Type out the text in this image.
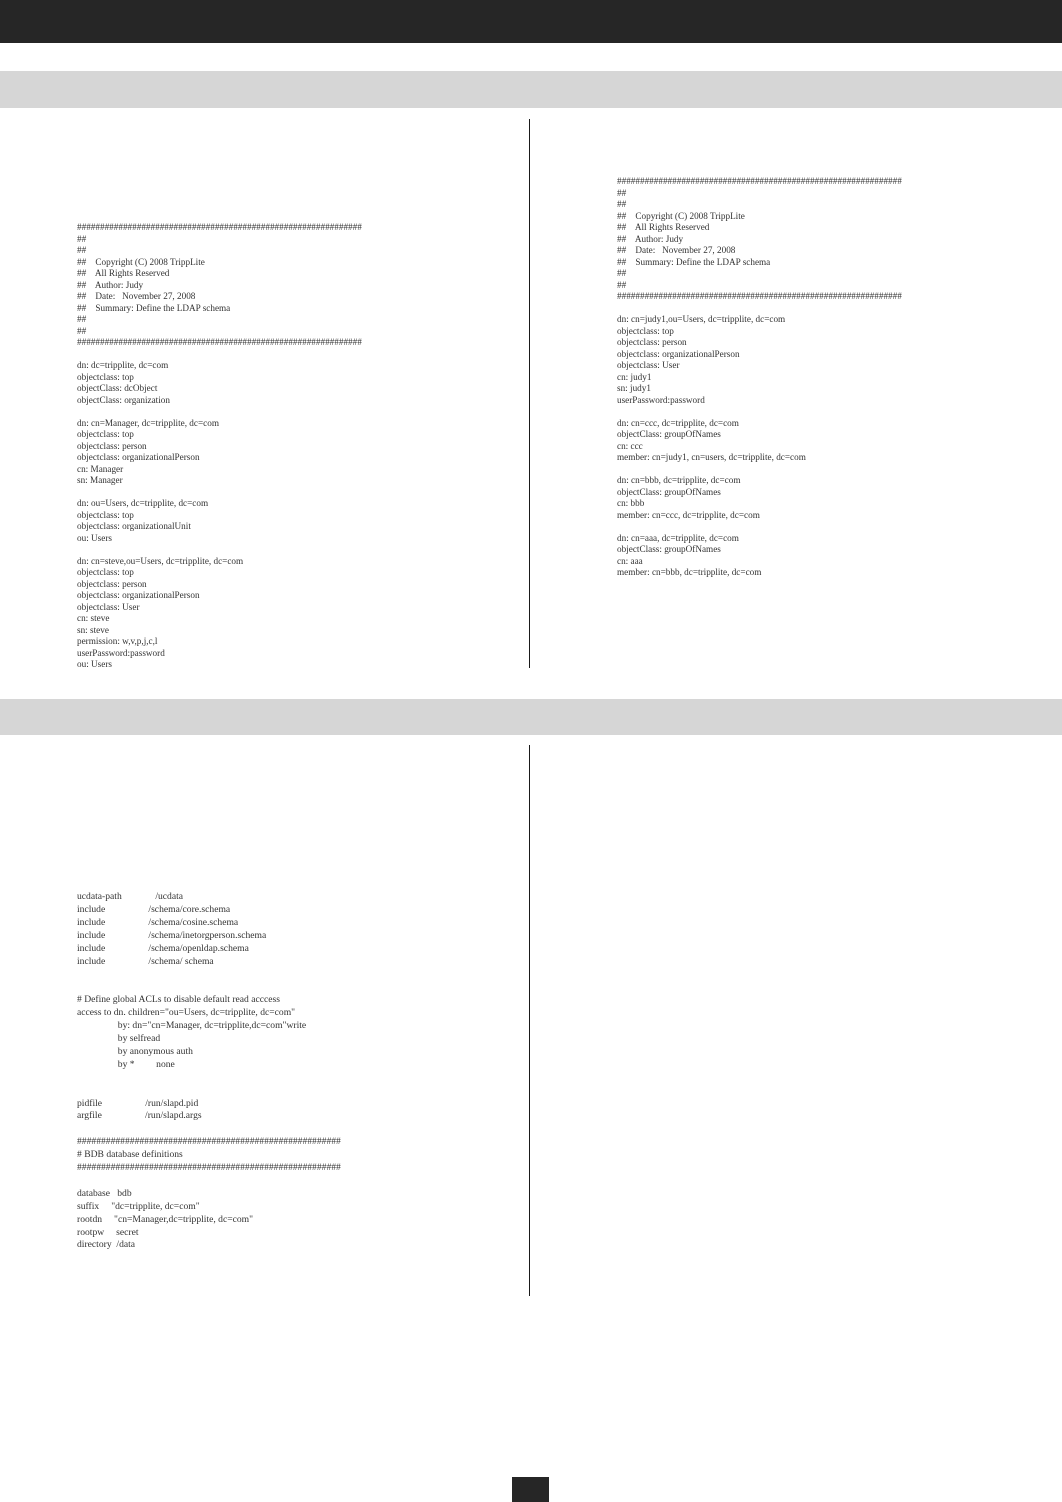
##############################################################
##
##
##    Copyright (C) 2008 TrippLite
##    All Rights Reserved
##    Author: Judy
##    Date:   November 27, 2008
##    Summary: Define the LDAP schema
##
##
##############################################################

dn: dc=tripplite, dc=com
objectclass: top
objectClass: dcObject
objectClass: organization

dn: cn=Manager, dc=tripplite, dc=com
objectclass: top
objectclass: person
objectclass: organizationalPerson
cn: Manager
sn: Manager

dn: ou=Users, dc=tripplite, dc=com
objectclass: top
objectclass: organizationalUnit
ou: Users

dn: cn=steve,ou=Users, dc=tripplite, dc=com
objectclass: top
objectclass: person
objectclass: organizationalPerson
objectclass: User
cn: steve
sn: steve
permission: w,v,p,j,c,l
userPassword:password
ou: Users
##############################################################
##
##
##    Copyright (C) 2008 TrippLite
##    All Rights Reserved
##    Author: Judy
##    Date:   November 27, 2008
##    Summary: Define the LDAP schema
##
##
##############################################################

dn: cn=judy1,ou=Users, dc=tripplite, dc=com
objectclass: top
objectclass: person
objectclass: organizationalPerson
objectclass: User
cn: judy1
sn: judy1
userPassword:password

dn: cn=ccc, dc=tripplite, dc=com
objectClass: groupOfNames
cn: ccc
member: cn=judy1, cn=users, dc=tripplite, dc=com

dn: cn=bbb, dc=tripplite, dc=com
objectClass: groupOfNames
cn: bbb
member: cn=ccc, dc=tripplite, dc=com

dn: cn=aaa, dc=tripplite, dc=com
objectClass: groupOfNames
cn: aaa
member: cn=bbb, dc=tripplite, dc=com
ucdata-path              /ucdata
include                  /schema/core.schema
include                  /schema/cosine.schema
include                  /schema/inetorgperson.schema
include                  /schema/openldap.schema
include                  /schema/ schema

# Define global ACLs to disable default read acccess
access to dn. children="ou=Users, dc=tripplite, dc=com"
by: dn="cn=Manager, dc=tripplite,dc=com"write
by selfread
by anonymous auth
by *         none

pidfile                  /run/slapd.pid
argfile                  /run/slapd.args

#######################################################
# BDB database definitions
#######################################################

database   bdb
suffix     "dc=tripplite, dc=com"
rootdn     "cn=Manager,dc=tripplite, dc=com"
rootpw     secret
directory  /data
